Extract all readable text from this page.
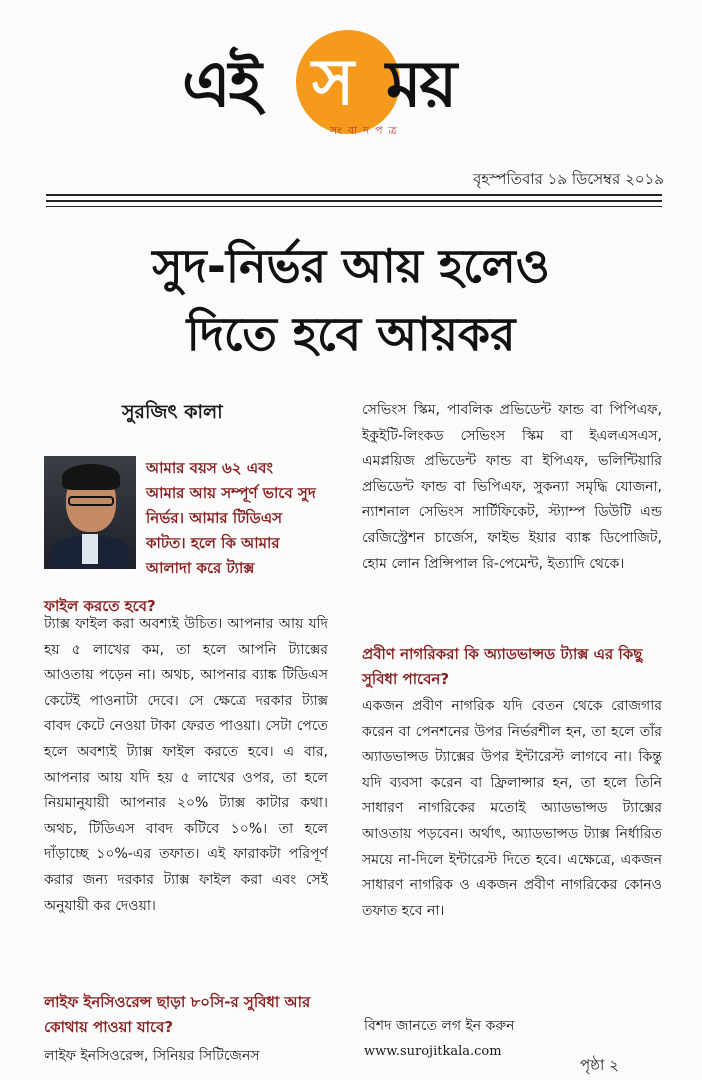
এই স ময়
সংবাদপত্র
বৃহস্পতিবার ১৯ ডিসেম্বর ২০১৯
সুদ-নির্ভর আয় হলেও
দিতে হবে আয়কর
সুরজিৎ কালা
আমার বয়স ৬২ এবং আমার আয় সম্পূর্ণ ভাবে সুদ নির্ভর। আমার টিডিএস কাটত। হলে কি আমার আলাদা করে ট্যাক্স
ফাইল করতে হবে?
ট্যাক্স ফাইল করা অবশ্যই উচিত। আপনার আয় যদি হয় ৫ লাখের কম, তা হলে আপনি ট্যাক্সের আওতায় পড়েন না। অথচ, আপনার ব্যাঙ্ক টিডিএস কেটেই পাওনাটা দেবে। সে ক্ষেত্রে দরকার ট্যাক্স বাবদ কেটে নেওয়া টাকা ফেরত পাওয়া। সেটা পেতে হলে অবশ্যই ট্যাক্স ফাইল করতে হবে। এ বার, আপনার আয় যদি হয় ৫ লাখের ওপর, তা হলে নিয়মানুযায়ী আপনার ২০% ট্যাক্স কাটার কথা। অথচ, টিডিএস বাবদ কটিবে ১০%। তা হলে দাঁড়াচ্ছে ১০%-এর তফাত। এই ফারাকটা পরিপূর্ণ করার জন্য দরকার ট্যাক্স ফাইল করা এবং সেই অনুযায়ী কর দেওয়া।
লাইফ ইনসিওরেন্স ছাড়া ৮০সি-র সুবিধা আর কোথায় পাওয়া যাবে?
লাইফ ইনসিওরেন্স, সিনিয়র সিটিজেনস
সেভিংস স্কিম, পাবলিক প্রভিডেন্ট ফান্ড বা পিপিএফ, ইকুইটি-লিংকড সেভিংস স্কিম বা ইএলএসএস, এমপ্লয়িজ প্রভিডেন্ট ফান্ড বা ইপিএফ, ভলিন্টিয়ারি প্রভিডেন্ট ফান্ড বা ভিপিএফ, সুকন্যা সমৃদ্ধি যোজনা, ন্যাশনাল সেভিংস সার্টিফিকেট, স্ট্যাম্প ডিউটি এন্ড রেজিস্ট্রেশন চার্জেস, ফাইভ ইয়ার ব্যাঙ্ক ডিপোজিট, হোম লোন প্রিন্সিপাল রি-পেমেন্ট, ইত্যাদি থেকে।
প্রবীণ নাগরিকরা কি অ্যাডভান্সড ট্যাক্স এর কিছু সুবিধা পাবেন?
একজন প্রবীণ নাগরিক যদি বেতন থেকে রোজগার করেন বা পেনশনের উপর নির্ভরশীল হন, তা হলে তাঁর অ্যাডভান্সড ট্যাক্সের উপর ইন্টারেস্ট লাগবে না। কিন্তু যদি ব্যবসা করেন বা ফ্রিলান্সার হন, তা হলে তিনি সাধারণ নাগরিকের মতোই অ্যাডভান্সড ট্যাক্সের আওতায় পড়বেন। অর্থাৎ, অ্যাডভান্সড ট্যাক্স নির্ধারিত সময়ে না-দিলে ইন্টারেস্ট দিতে হবে। এক্ষেত্রে, একজন সাধারণ নাগরিক ও একজন প্রবীণ নাগরিকের কোনও তফাত হবে না।
বিশদ জানতে লগ ইন করুন
www.surojitkala.com
পৃষ্ঠা ২
